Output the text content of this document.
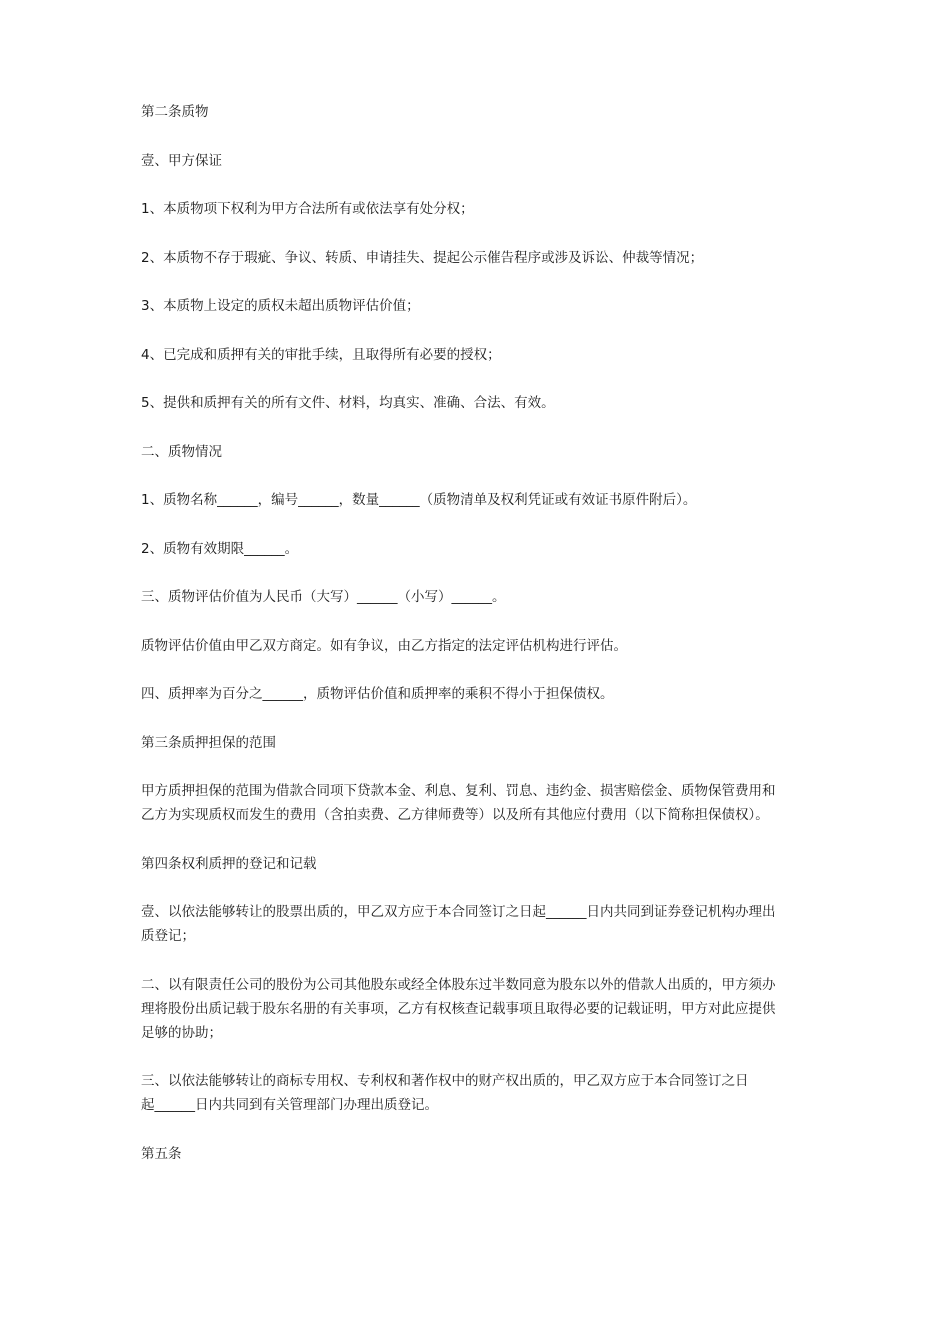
第二条质物

壹、甲方保证

1、本质物项下权利为甲方合法所有或依法享有处分权；

2、本质物不存于瑕疵、争议、转质、申请挂失、提起公示催告程序或涉及诉讼、仲裁等情况；

3、本质物上设定的质权未超出质物评估价值；

4、已完成和质押有关的审批手续，且取得所有必要的授权；

5、提供和质押有关的所有文件、材料，均真实、准确、合法、有效。

二、质物情况

1、质物名称______，编号______，数量______（质物清单及权利凭证或有效证书原件附后）。

2、质物有效期限______。

三、质物评估价值为人民币（大写）______（小写）______。

质物评估价值由甲乙双方商定。如有争议，由乙方指定的法定评估机构进行评估。

四、质押率为百分之______，质物评估价值和质押率的乘积不得小于担保债权。

第三条质押担保的范围

甲方质押担保的范围为借款合同项下贷款本金、利息、复利、罚息、违约金、损害赔偿金、质物保管费用和
乙方为实现质权而发生的费用（含拍卖费、乙方律师费等）以及所有其他应付费用（以下简称担保债权）。

第四条权利质押的登记和记载

壹、以依法能够转让的股票出质的，甲乙双方应于本合同签订之日起______日内共同到证券登记机构办理出
质登记；

二、以有限责任公司的股份为公司其他股东或经全体股东过半数同意为股东以外的借款人出质的，甲方须办
理将股份出质记载于股东名册的有关事项，乙方有权核查记载事项且取得必要的记载证明，甲方对此应提供
足够的协助；

三、以依法能够转让的商标专用权、专利权和著作权中的财产权出质的，甲乙双方应于本合同签订之日
起______日内共同到有关管理部门办理出质登记。

第五条
